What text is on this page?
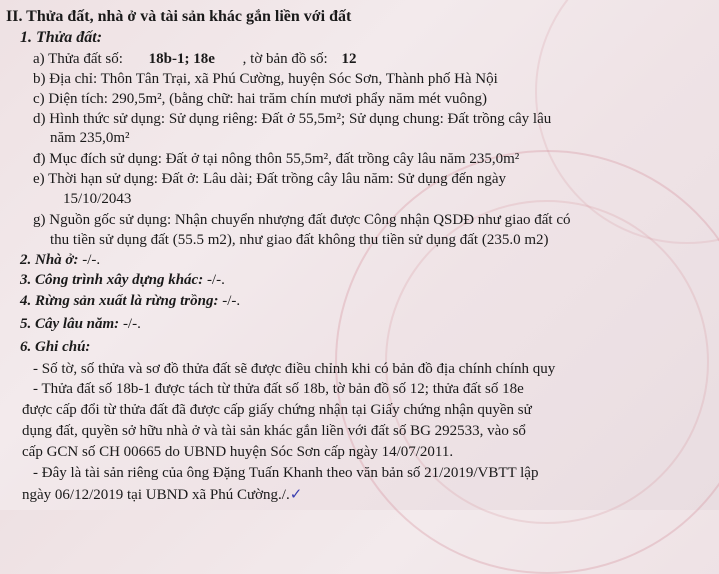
II. Thửa đất, nhà ở và tài sản khác gắn liền với đất
1. Thửa đất:
a) Thửa đất số: 18b-1; 18e , tờ bản đồ số: 12
b) Địa chỉ: Thôn Tân Trại, xã Phú Cường, huyện Sóc Sơn, Thành phố Hà Nội
c) Diện tích: 290,5m², (bằng chữ: hai trăm chín mươi phẩy năm mét vuông)
d) Hình thức sử dụng: Sử dụng riêng: Đất ở 55,5m²; Sử dụng chung: Đất trồng cây lâu
năm 235,0m²
đ) Mục đích sử dụng: Đất ở tại nông thôn 55,5m², đất trồng cây lâu năm 235,0m²
e) Thời hạn sử dụng: Đất ở: Lâu dài; Đất trồng cây lâu năm: Sử dụng đến ngày
15/10/2043
g) Nguồn gốc sử dụng: Nhận chuyển nhượng đất được Công nhận QSDĐ như giao đất có
thu tiền sử dụng đất (55.5 m2), như giao đất không thu tiền sử dụng đất (235.0 m2)
2. Nhà ở: -/-.
3. Công trình xây dựng khác: -/-.
4. Rừng sản xuất là rừng trồng: -/-.
5. Cây lâu năm: -/-.
6. Ghi chú:
- Số tờ, số thửa và sơ đồ thửa đất sẽ được điều chỉnh khi có bản đồ địa chính chính quy
- Thửa đất số 18b-1 được tách từ thửa đất số 18b, tờ bản đồ số 12; thửa đất số 18e
được cấp đổi từ thửa đất đã được cấp giấy chứng nhận tại Giấy chứng nhận quyền sử
dụng đất, quyền sở hữu nhà ở và tài sản khác gắn liền với đất số BG 292533, vào sổ
cấp GCN số CH 00665 do UBND huyện Sóc Sơn cấp ngày 14/07/2011.
- Đây là tài sản riêng của ông Đặng Tuấn Khanh theo văn bản số 21/2019/VBTT lập
ngày 06/12/2019 tại UBND xã Phú Cường./.✓
